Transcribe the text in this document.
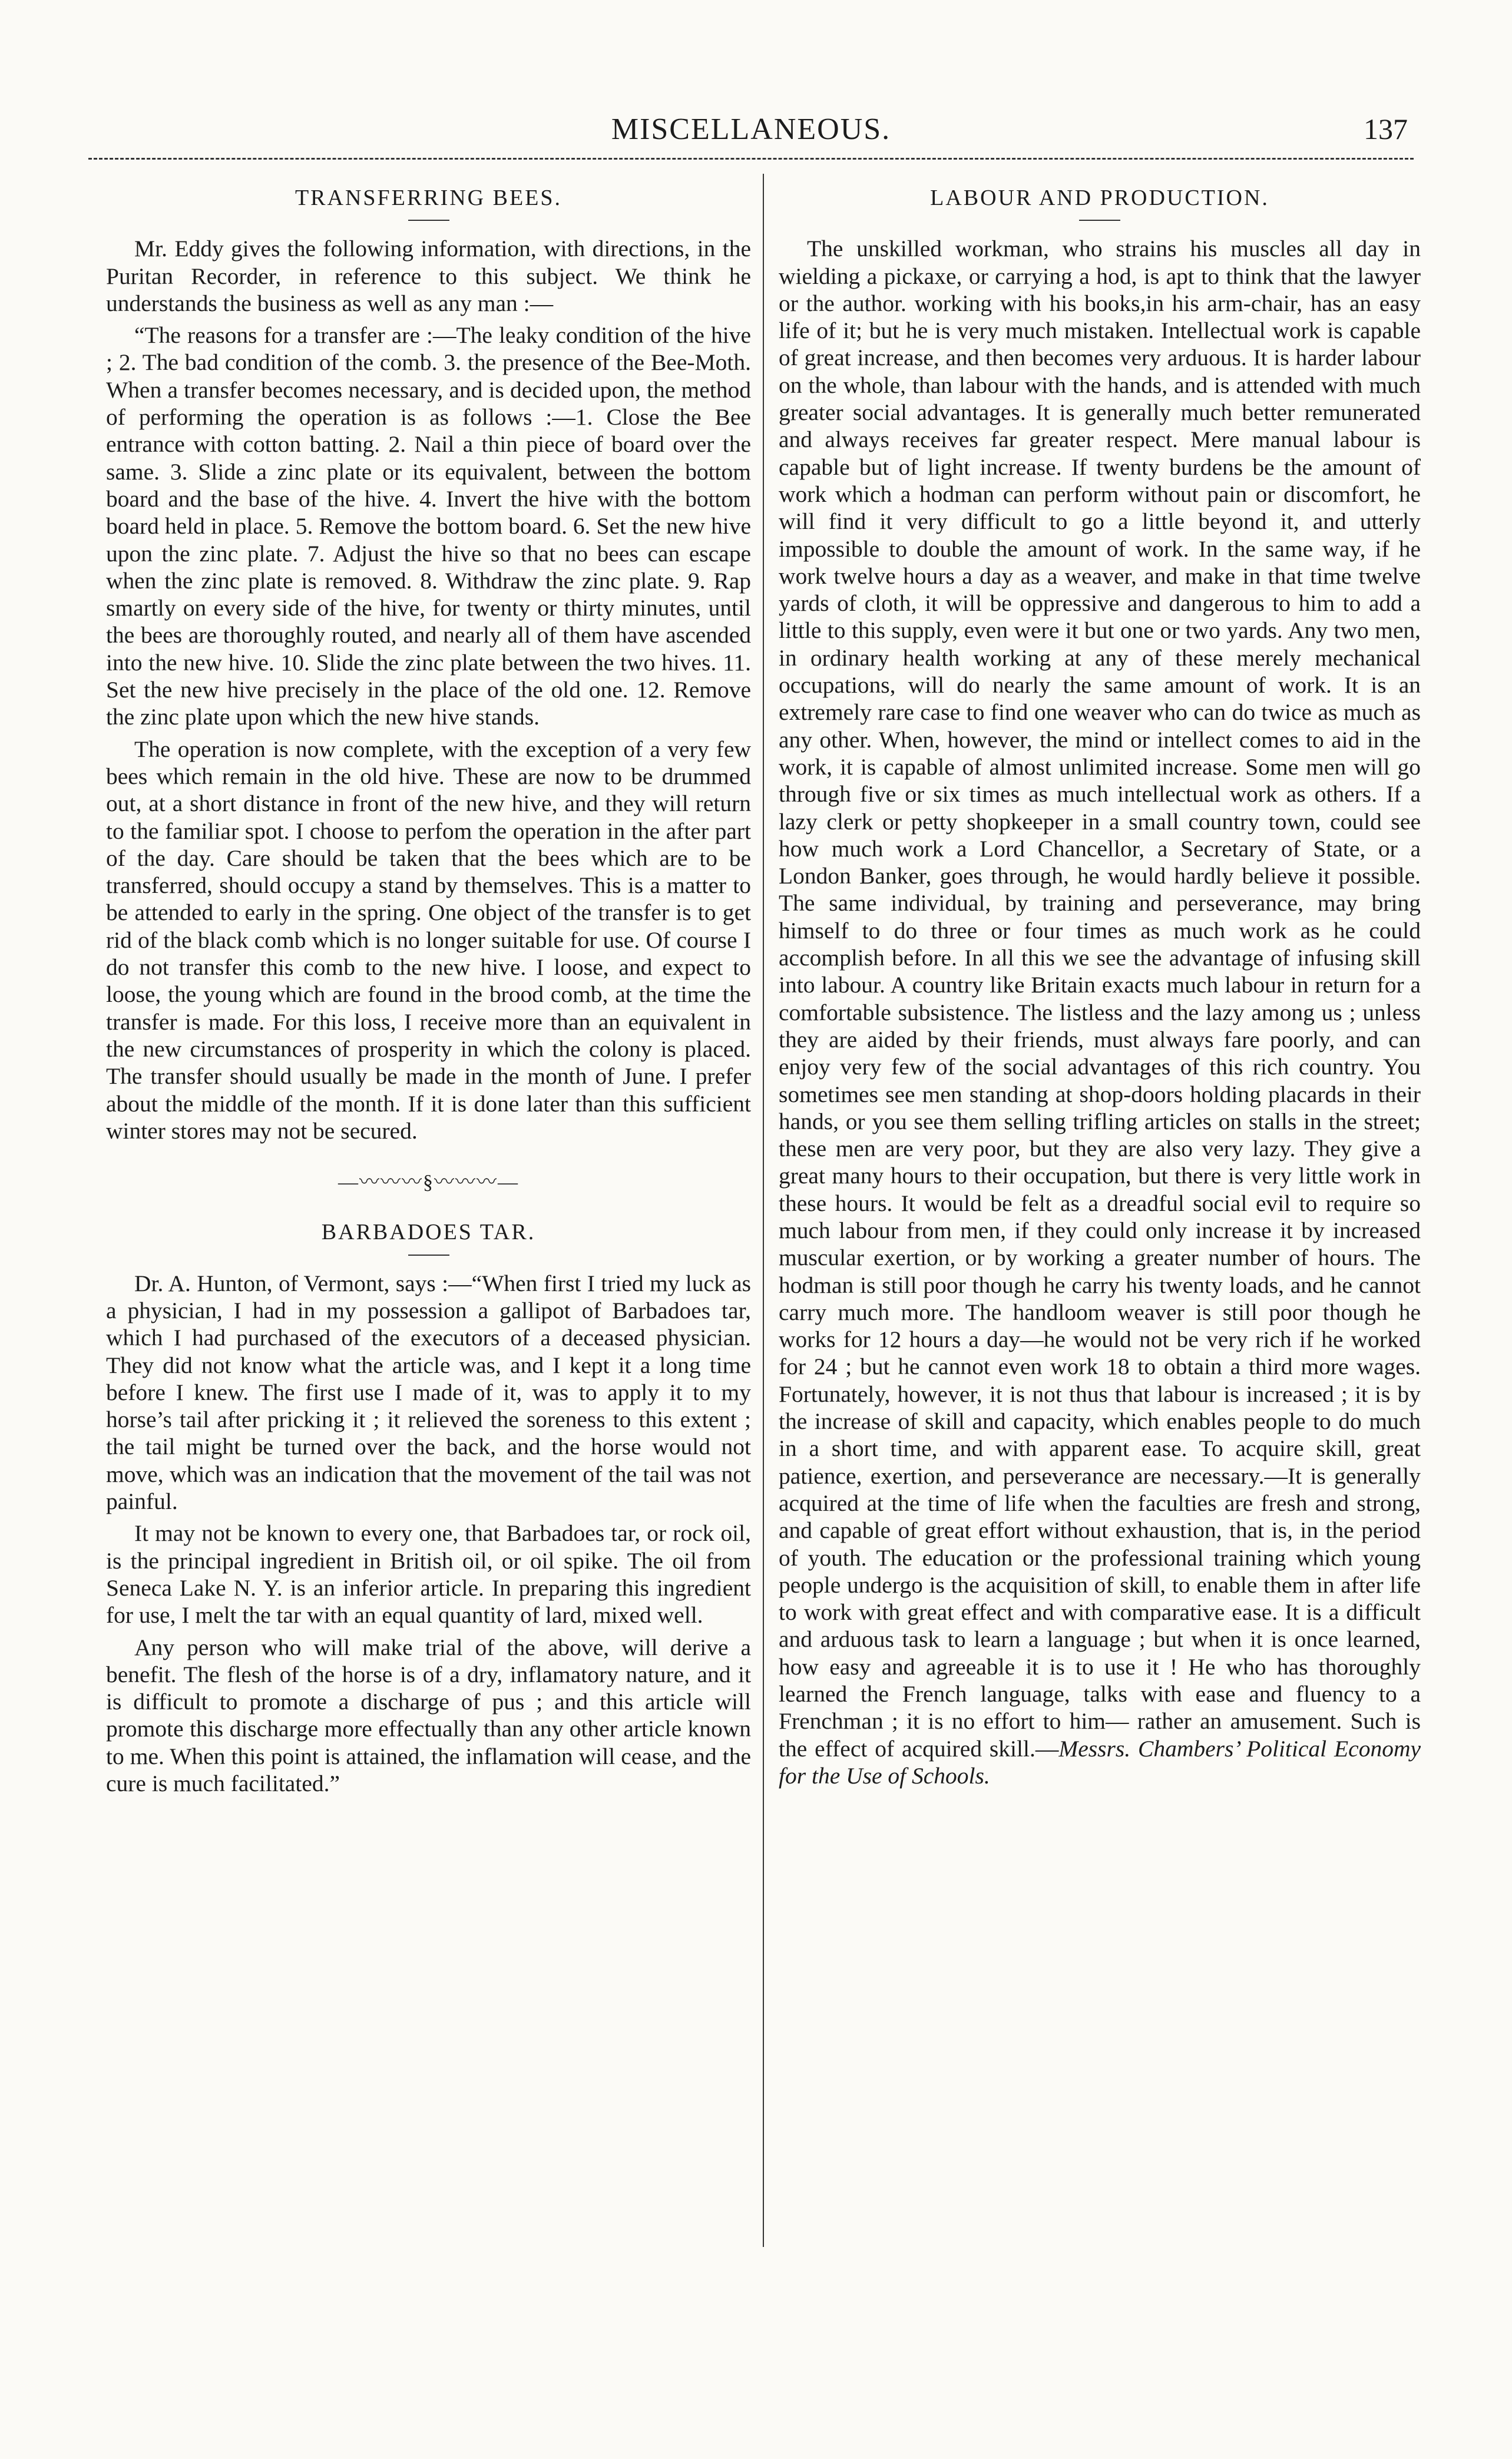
MISCELLANEOUS.	137
TRANSFERRING BEES.

Mr. Eddy gives the following information, with directions, in the Puritan Recorder, in reference to this subject. We think he understands the business as well as any man :—

“The reasons for a transfer are :—The leaky condition of the hive ; 2. The bad condition of the comb. 3. the presence of the Bee-Moth. When a transfer becomes necessary, and is decided upon, the method of performing the operation is as follows :—1. Close the Bee entrance with cotton batting. 2. Nail a thin piece of board over the same. 3. Slide a zinc plate or its equivalent, between the bottom board and the base of the hive. 4. Invert the hive with the bottom board held in place. 5. Remove the bottom board. 6. Set the new hive upon the zinc plate. 7. Adjust the hive so that no bees can escape when the zinc plate is removed. 8. Withdraw the zinc plate. 9. Rap smartly on every side of the hive, for twenty or thirty minutes, until the bees are thoroughly routed, and nearly all of them have ascended into the new hive. 10. Slide the zinc plate between the two hives. 11. Set the new hive precisely in the place of the old one. 12. Remove the zinc plate upon which the new hive stands.

The operation is now complete, with the exception of a very few bees which remain in the old hive. These are now to be drummed out, at a short distance in front of the new hive, and they will return to the familiar spot. I choose to perfom the operation in the after part of the day. Care should be taken that the bees which are to be transferred, should occupy a stand by themselves. This is a matter to be attended to early in the spring. One object of the transfer is to get rid of the black comb which is no longer suitable for use. Of course I do not transfer this comb to the new hive. I loose, and expect to loose, the young which are found in the brood comb, at the time the transfer is made. For this loss, I receive more than an equivalent in the new circumstances of prosperity in which the colony is placed. The transfer should usually be made in the month of June. I prefer about the middle of the month. If it is done later than this sufficient winter stores may not be secured.

—〰〰〰§〰〰〰—
BARBADOES TAR.

Dr. A. Hunton, of Vermont, says :—“When first I tried my luck as a physician, I had in my possession a gallipot of Barbadoes tar, which I had purchased of the executors of a deceased physician. They did not know what the article was, and I kept it a long time before I knew. The first use I made of it, was to apply it to my horse’s tail after pricking it ; it relieved the soreness to this extent ; the tail might be turned over the back, and the horse would not move, which was an indication that the movement of the tail was not painful.

It may not be known to every one, that Barbadoes tar, or rock oil, is the principal ingredient in British oil, or oil spike. The oil from Seneca Lake N. Y. is an inferior article. In preparing this ingredient for use, I melt the tar with an equal quantity of lard, mixed well.

Any person who will make trial of the above, will derive a benefit. The flesh of the horse is of a dry, inflamatory nature, and it is difficult to promote a discharge of pus ; and this article will promote this discharge more effectually than any other article known to me. When this point is attained, the inflamation will cease, and the cure is much facilitated.”

LABOUR AND PRODUCTION.

The unskilled workman, who strains his muscles all day in wielding a pickaxe, or carrying a hod, is apt to think that the lawyer or the author. working with his books,in his arm-chair, has an easy life of it; but he is very much mistaken. Intellectual work is capable of great increase, and then becomes very arduous. It is harder labour on the whole, than labour with the hands, and is attended with much greater social advantages. It is generally much better remunerated and always receives far greater respect. Mere manual labour is capable but of light increase. If twenty burdens be the amount of work which a hodman can perform without pain or discomfort, he will find it very difficult to go a little beyond it, and utterly impossible to double the amount of work. In the same way, if he work twelve hours a day as a weaver, and make in that time twelve yards of cloth, it will be oppressive and dangerous to him to add a little to this supply, even were it but one or two yards. Any two men, in ordinary health working at any of these merely mechanical occupations, will do nearly the same amount of work. It is an extremely rare case to find one weaver who can do twice as much as any other. When, however, the mind or intellect comes to aid in the work, it is capable of almost unlimited increase. Some men will go through five or six times as much intellectual work as others. If a lazy clerk or petty shopkeeper in a small country town, could see how much work a Lord Chancellor, a Secretary of State, or a London Banker, goes through, he would hardly believe it possible. The same individual, by training and perseverance, may bring himself to do three or four times as much work as he could accomplish before. In all this we see the advantage of infusing skill into labour. A country like Britain exacts much labour in return for a comfortable subsistence. The listless and the lazy among us ; unless they are aided by their friends, must always fare poorly, and can enjoy very few of the social advantages of this rich country. You sometimes see men standing at shop-doors holding placards in their hands, or you see them selling trifling articles on stalls in the street; these men are very poor, but they are also very lazy. They give a great many hours to their occupation, but there is very little work in these hours. It would be felt as a dreadful social evil to require so much labour from men, if they could only increase it by increased muscular exertion, or by working a greater number of hours. The hodman is still poor though he carry his twenty loads, and he cannot carry much more. The handloom weaver is still poor though he works for 12 hours a day—he would not be very rich if he worked for 24 ; but he cannot even work 18 to obtain a third more wages. Fortunately, however, it is not thus that labour is increased ; it is by the increase of skill and capacity, which enables people to do much in a short time, and with apparent ease. To acquire skill, great patience, exertion, and perseverance are necessary.—It is generally acquired at the time of life when the faculties are fresh and strong, and capable of great effort without exhaustion, that is, in the period of youth. The education or the professional training which young people undergo is the acquisition of skill, to enable them in after life to work with great effect and with comparative ease. It is a difficult and arduous task to learn a language ; but when it is once learned, how easy and agreeable it is to use it ! He who has thoroughly learned the French language, talks with ease and fluency to a Frenchman ; it is no effort to him— rather an amusement. Such is the effect of acquired skill.—Messrs. Chambers’ Political Economy for the Use of Schools.
